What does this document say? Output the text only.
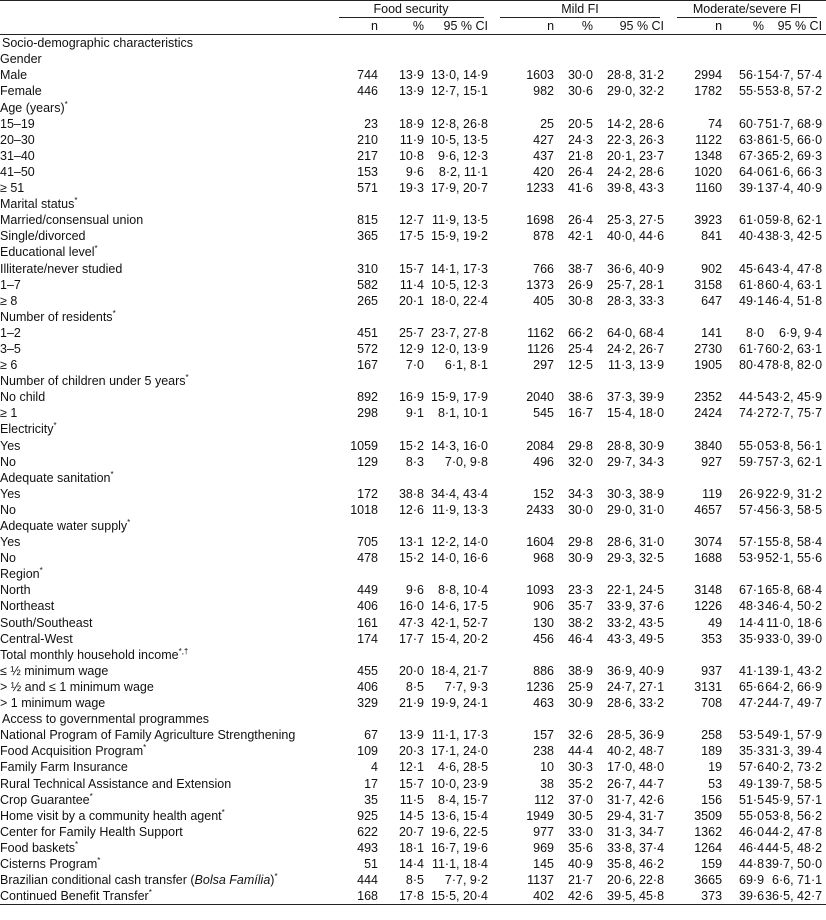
	Food security			Mild FI			Moderate/severe FI		
	n	%	95 % CI	n	%	95 % CI	n	%	95 % CI
Socio-demographic characteristics									
Gender									
Male	744	13·9	13·0, 14·9	1603	30·0	28·8, 31·2	2994	56·1	54·7, 57·4
Female	446	13·9	12·7, 15·1	982	30·6	29·0, 32·2	1782	55·5	53·8, 57·2
Age (years)*									
15–19	23	18·9	12·8, 26·8	25	20·5	14·2, 28·6	74	60·7	51·7, 68·9
20–30	210	11·9	10·5, 13·5	427	24·3	22·3, 26·3	1122	63·8	61·5, 66·0
31–40	217	10·8	9·6, 12·3	437	21·8	20·1, 23·7	1348	67·3	65·2, 69·3
41–50	153	9·6	8·2, 11·1	420	26·4	24·2, 28·6	1020	64·0	61·6, 66·3
≥ 51	571	19·3	17·9, 20·7	1233	41·6	39·8, 43·3	1160	39·1	37·4, 40·9
Marital status*									
Married/consensual union	815	12·7	11·9, 13·5	1698	26·4	25·3, 27·5	3923	61·0	59·8, 62·1
Single/divorced	365	17·5	15·9, 19·2	878	42·1	40·0, 44·6	841	40·4	38·3, 42·5
Educational level*									
Illiterate/never studied	310	15·7	14·1, 17·3	766	38·7	36·6, 40·9	902	45·6	43·4, 47·8
1–7	582	11·4	10·5, 12·3	1373	26·9	25·7, 28·1	3158	61·8	60·4, 63·1
≥ 8	265	20·1	18·0, 22·4	405	30·8	28·3, 33·3	647	49·1	46·4, 51·8
Number of residents*									
1–2	451	25·7	23·7, 27·8	1162	66·2	64·0, 68·4	141	8·0	6·9, 9·4
3–5	572	12·9	12·0, 13·9	1126	25·4	24·2, 26·7	2730	61·7	60·2, 63·1
≥ 6	167	7·0	6·1, 8·1	297	12·5	11·3, 13·9	1905	80·4	78·8, 82·0
Number of children under 5 years*									
No child	892	16·9	15·9, 17·9	2040	38·6	37·3, 39·9	2352	44·5	43·2, 45·9
≥ 1	298	9·1	8·1, 10·1	545	16·7	15·4, 18·0	2424	74·2	72·7, 75·7
Electricity*									
Yes	1059	15·2	14·3, 16·0	2084	29·8	28·8, 30·9	3840	55·0	53·8, 56·1
No	129	8·3	7·0, 9·8	496	32·0	29·7, 34·3	927	59·7	57·3, 62·1
Adequate sanitation*									
Yes	172	38·8	34·4, 43·4	152	34·3	30·3, 38·9	119	26·9	22·9, 31·2
No	1018	12·6	11·9, 13·3	2433	30·0	29·0, 31·0	4657	57·4	56·3, 58·5
Adequate water supply*									
Yes	705	13·1	12·2, 14·0	1604	29·8	28·6, 31·0	3074	57·1	55·8, 58·4
No	478	15·2	14·0, 16·6	968	30·9	29·3, 32·5	1688	53·9	52·1, 55·6
Region*									
North	449	9·6	8·8, 10·4	1093	23·3	22·1, 24·5	3148	67·1	65·8, 68·4
Northeast	406	16·0	14·6, 17·5	906	35·7	33·9, 37·6	1226	48·3	46·4, 50·2
South/Southeast	161	47·3	42·1, 52·7	130	38·2	33·2, 43·5	49	14·4	11·0, 18·6
Central-West	174	17·7	15·4, 20·2	456	46·4	43·3, 49·5	353	35·9	33·0, 39·0
Total monthly household income*,†									
≤ ½ minimum wage	455	20·0	18·4, 21·7	886	38·9	36·9, 40·9	937	41·1	39·1, 43·2
> ½ and ≤ 1 minimum wage	406	8·5	7·7, 9·3	1236	25·9	24·7, 27·1	3131	65·6	64·2, 66·9
> 1 minimum wage	329	21·9	19·9, 24·1	463	30·9	28·6, 33·2	708	47·2	44·7, 49·7
Access to governmental programmes									
National Program of Family Agriculture Strengthening	67	13·9	11·1, 17·3	157	32·6	28·5, 36·9	258	53·5	49·1, 57·9
Food Acquisition Program*	109	20·3	17·1, 24·0	238	44·4	40·2, 48·7	189	35·3	31·3, 39·4
Family Farm Insurance	4	12·1	4·6, 28·5	10	30·3	17·0, 48·0	19	57·6	40·2, 73·2
Rural Technical Assistance and Extension	17	15·7	10·0, 23·9	38	35·2	26·7, 44·7	53	49·1	39·7, 58·5
Crop Guarantee*	35	11·5	8·4, 15·7	112	37·0	31·7, 42·6	156	51·5	45·9, 57·1
Home visit by a community health agent*	925	14·5	13·6, 15·4	1949	30·5	29·4, 31·7	3509	55·0	53·8, 56·2
Center for Family Health Support	622	20·7	19·6, 22·5	977	33·0	31·3, 34·7	1362	46·0	44·2, 47·8
Food baskets*	493	18·1	16·7, 19·6	969	35·6	33·8, 37·4	1264	46·4	44·5, 48·2
Cisterns Program*	51	14·4	11·1, 18·4	145	40·9	35·8, 46·2	159	44·8	39·7, 50·0
Brazilian conditional cash transfer (Bolsa Família)*	444	8·5	7·7, 9·2	1137	21·7	20·6, 22·8	3665	69·9	6·6, 71·1
Continued Benefit Transfer*	168	17·8	15·5, 20·4	402	42·6	39·5, 45·8	373	39·6	36·5, 42·7
